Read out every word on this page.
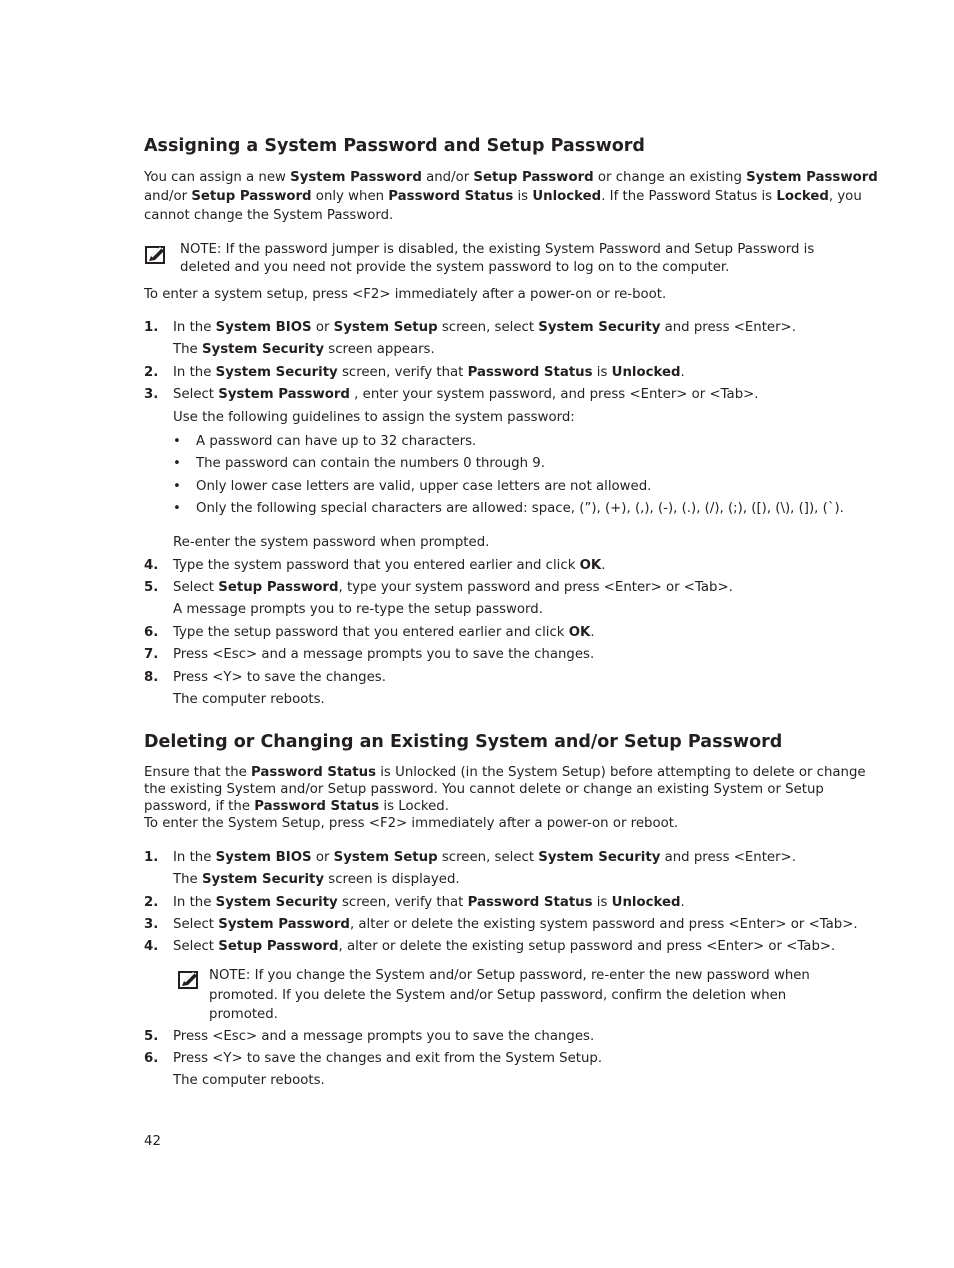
Assigning a System Password and Setup Password

You can assign a new System Password and/or Setup Password or change an existing System Password

and/or Setup Password only when Password Status is Unlocked. If the Password Status is Locked, you

cannot change the System Password.

NOTE: If the password jumper is disabled, the existing System Password and Setup Password is

deleted and you need not provide the system password to log on to the computer.

To enter a system setup, press <F2> immediately after a power-on or re-boot.

1.	In the System BIOS or System Setup screen, select System Security and press <Enter>.
The System Security screen appears.
2.	In the System Security screen, verify that Password Status is Unlocked.
3.	Select System Password , enter your system password, and press <Enter> or <Tab>.
Use the following guidelines to assign the system password:
• A password can have up to 32 characters.
• The password can contain the numbers 0 through 9.
• Only lower case letters are valid, upper case letters are not allowed.
• Only the following special characters are allowed: space, (”), (+), (,), (-), (.), (/), (;), ([), (\), (]), (`).
Re-enter the system password when prompted.
4.	Type the system password that you entered earlier and click OK.
5.	Select Setup Password, type your system password and press <Enter> or <Tab>.
A message prompts you to re-type the setup password.
6.	Type the setup password that you entered earlier and click OK.
7.	Press <Esc> and a message prompts you to save the changes.
8.	Press <Y> to save the changes.
The computer reboots.
Deleting or Changing an Existing System and/or Setup Password

Ensure that the Password Status is Unlocked (in the System Setup) before attempting to delete or change

the existing System and/or Setup password. You cannot delete or change an existing System or Setup

password, if the Password Status is Locked.

To enter the System Setup, press <F2> immediately after a power-on or reboot.

1.	In the System BIOS or System Setup screen, select System Security and press <Enter>.
The System Security screen is displayed.
2.	In the System Security screen, verify that Password Status is Unlocked.
3.	Select System Password, alter or delete the existing system password and press <Enter> or <Tab>.
4.	Select Setup Password, alter or delete the existing setup password and press <Enter> or <Tab>.

NOTE: If you change the System and/or Setup password, re-enter the new password when

promoted. If you delete the System and/or Setup password, confirm the deletion when

promoted.

5.	Press <Esc> and a message prompts you to save the changes.
6.	Press <Y> to save the changes and exit from the System Setup.
The computer reboots.
42
